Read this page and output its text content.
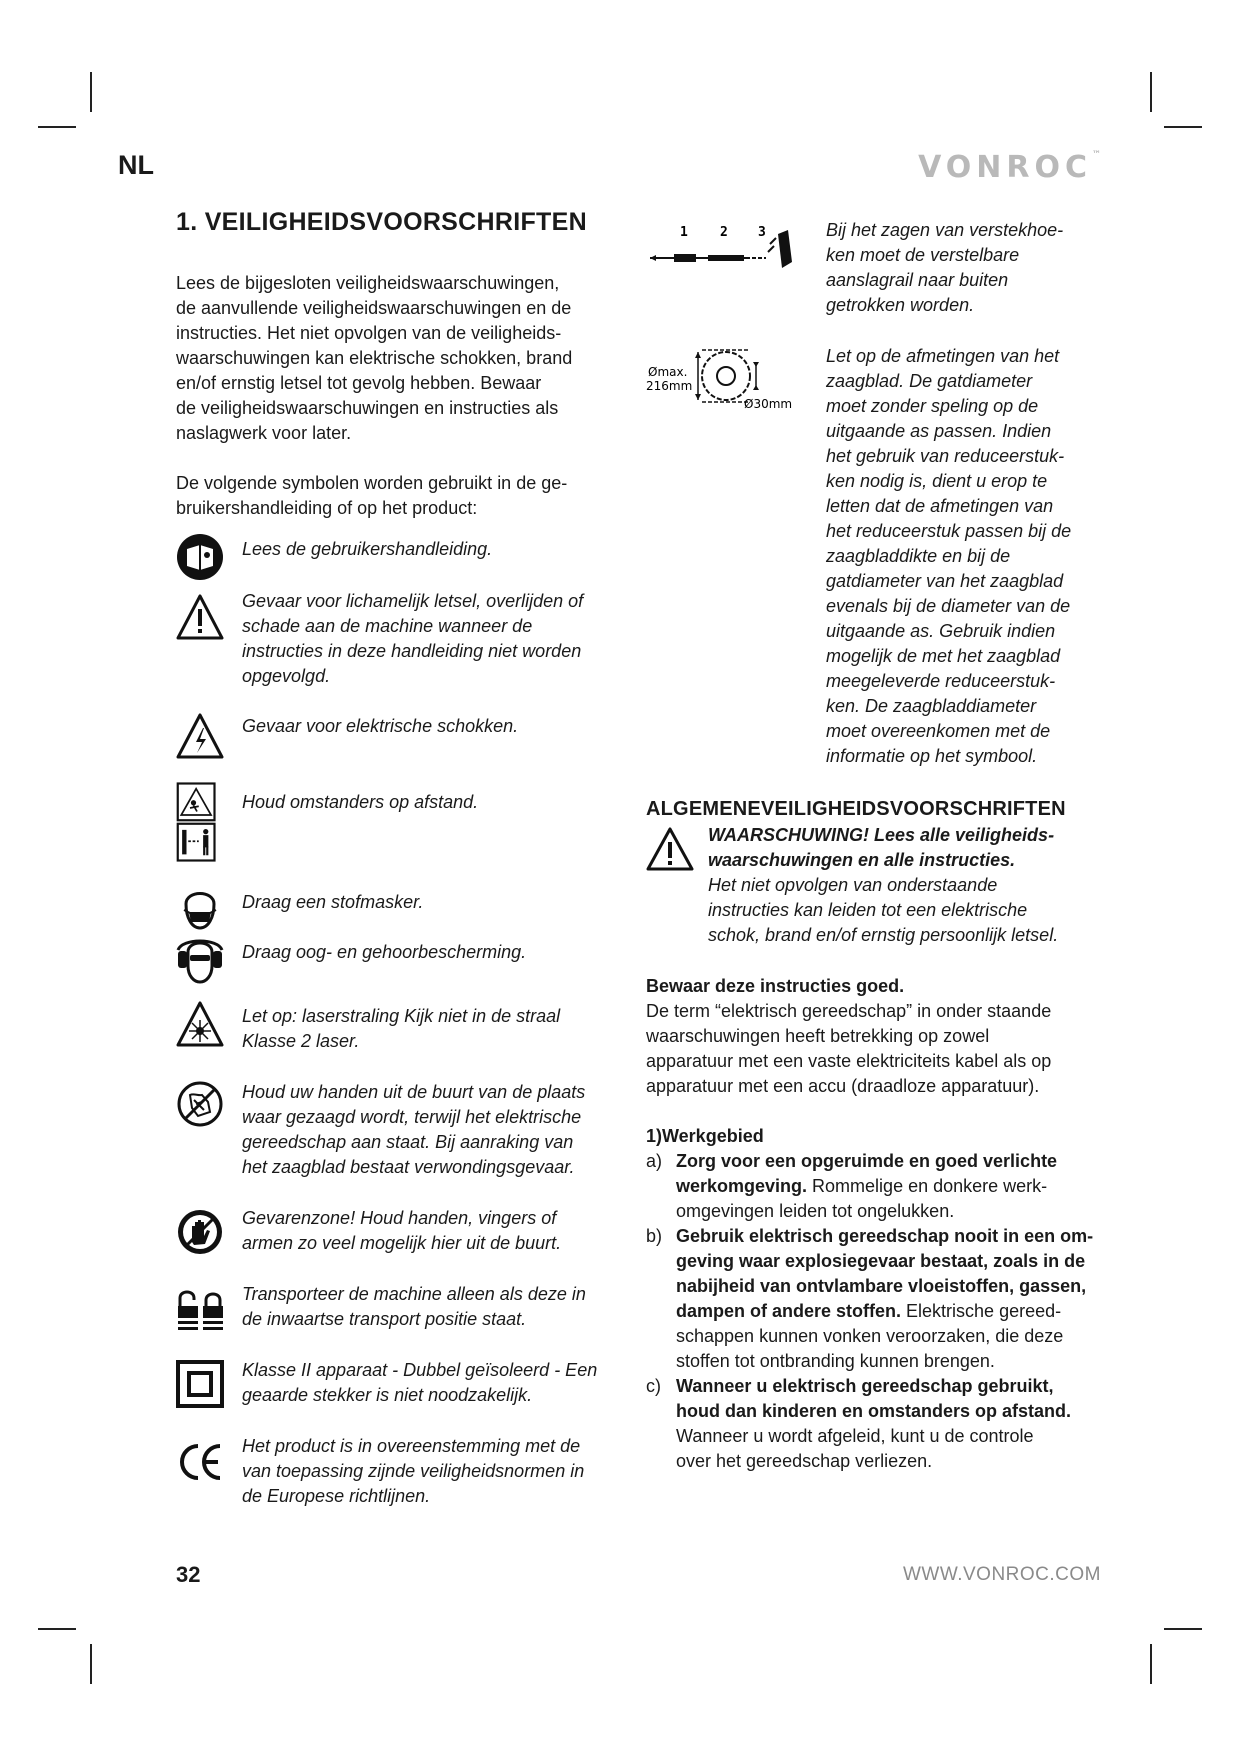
NL	VONROC™
1. VEILIGHEIDSVOORSCHRIFTEN
Lees de bijgesloten veiligheidswaarschuwingen,
de aanvullende veiligheidswaarschuwingen en de
instructies. Het niet opvolgen van de veiligheids-
waarschuwingen kan elektrische schokken, brand
en/of ernstig letsel tot gevolg hebben. Bewaar
de veiligheidswaarschuwingen en instructies als
naslagwerk voor later.
De volgende symbolen worden gebruikt in de ge-
bruikershandleiding of op het product:
Lees de gebruikershandleiding.
Gevaar voor lichamelijk letsel, overlijden of
schade aan de machine wanneer de
instructies in deze handleiding niet worden
opgevolgd.
Gevaar voor elektrische schokken.
Houd omstanders op afstand.
Draag een stofmasker.
Draag oog- en gehoorbescherming.
Let op: laserstraling Kijk niet in de straal
Klasse 2 laser.
Houd uw handen uit de buurt van de plaats
waar gezaagd wordt, terwijl het elektrische
gereedschap aan staat. Bij aanraking van
het zaagblad bestaat verwondingsgevaar.
Gevarenzone! Houd handen, vingers of
armen zo veel mogelijk hier uit de buurt.
Transporteer de machine alleen als deze in
de inwaartse transport positie staat.
Klasse II apparaat - Dubbel geïsoleerd - Een
geaarde stekker is niet noodzakelijk.
Het product is in overeenstemming met de
van toepassing zijnde veiligheidsnormen in
de Europese richtlijnen.
1 2 3	Bij het zagen van verstekhoe-
ken moet de verstelbare
aanslagrail naar buiten
getrokken worden.
Ømax.
216mm
Ø30mm
Let op de afmetingen van het
zaagblad. De gatdiameter
moet zonder speling op de
uitgaande as passen. Indien
het gebruik van reduceerstuk-
ken nodig is, dient u erop te
letten dat de afmetingen van
het reduceerstuk passen bij de
zaagbladdikte en bij de
gatdiameter van het zaagblad
evenals bij de diameter van de
uitgaande as. Gebruik indien
mogelijk de met het zaagblad
meegeleverde reduceerstuk-
ken. De zaagbladdiameter
moet overeenkomen met de
informatie op het symbool.
ALGEMENEVEILIGHEIDSVOORSCHRIFTEN
WAARSCHUWING! Lees alle veiligheids-
waarschuwingen en alle instructies.
Het niet opvolgen van onderstaande
instructies kan leiden tot een elektrische
schok, brand en/of ernstig persoonlijk letsel.
Bewaar deze instructies goed.
De term “elektrisch gereedschap” in onder staande
waarschuwingen heeft betrekking op zowel
apparatuur met een vaste elektriciteits kabel als op
apparatuur met een accu (draadloze apparatuur).
1)Werkgebied
a) Zorg voor een opgeruimde en goed verlichte
werkomgeving. Rommelige en donkere werk-
omgevingen leiden tot ongelukken.
b) Gebruik elektrisch gereedschap nooit in een om-
geving waar explosiegevaar bestaat, zoals in de
nabijheid van ontvlambare vloeistoffen, gassen,
dampen of andere stoffen. Elektrische gereed-
schappen kunnen vonken veroorzaken, die deze
stoffen tot ontbranding kunnen brengen.
c) Wanneer u elektrisch gereedschap gebruikt,
houd dan kinderen en omstanders op afstand.
Wanneer u wordt afgeleid, kunt u de controle
over het gereedschap verliezen.
32	WWW.VONROC.COM
